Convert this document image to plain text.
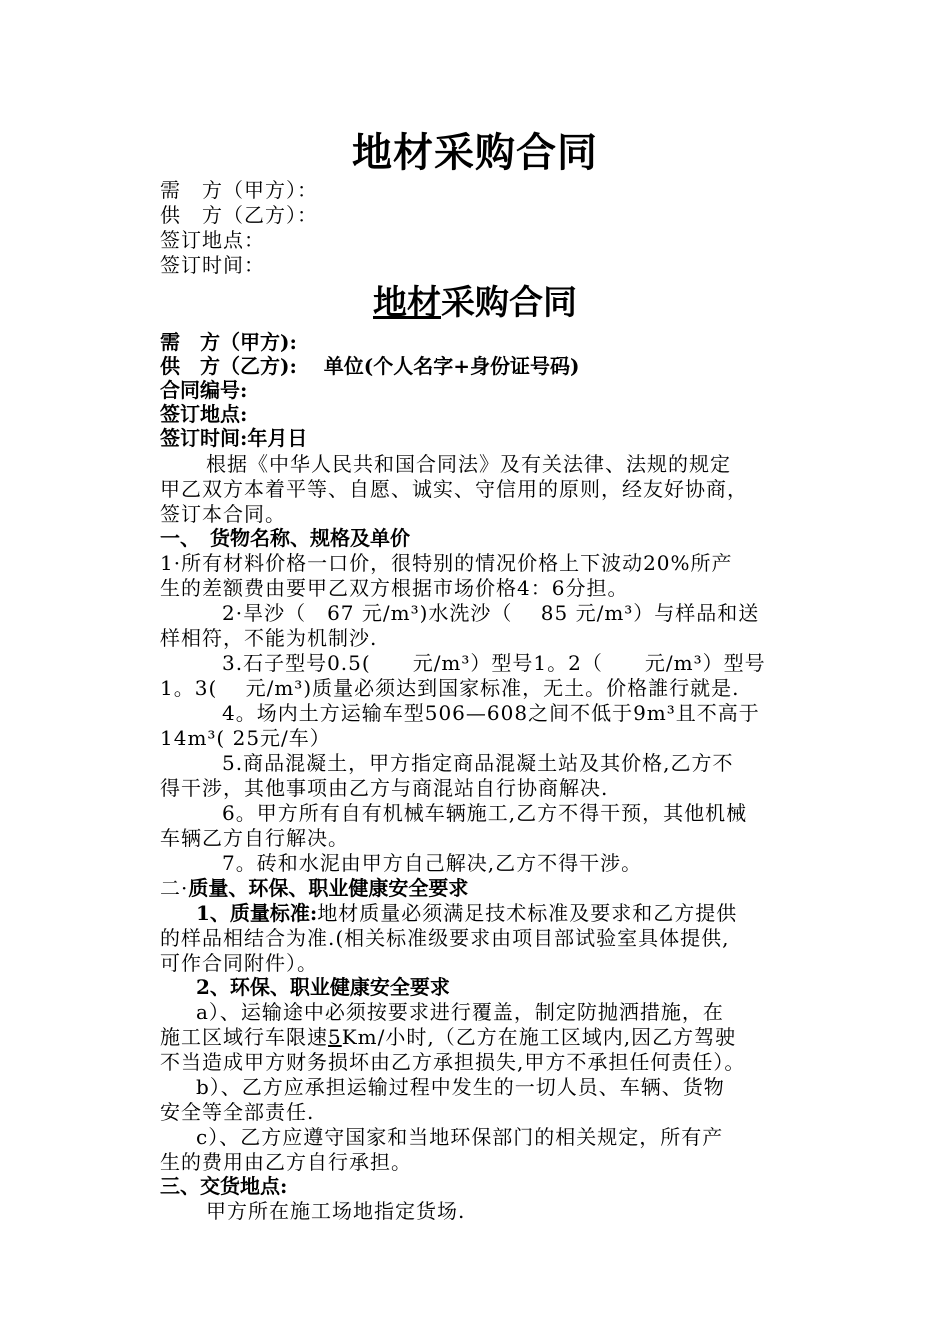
地材采购合同
需　方（甲方）：
供　方（乙方）：
签订地点：
签订时间：
地材采购合同
需　方（甲方):
供　方（乙方):　 单位(个人名字+身份证号码)
合同编号:
签订地点:
签订时间:年月日
根据《中华人民共和国合同法》及有关法律、法规的规定
甲乙双方本着平等、自愿、诚实、守信用的原则，经友好协商，
签订本合同。
一、　货物名称、规格及单价
1·所有材料价格一口价，很特别的情况价格上下波动20%所产
生的差额费由要甲乙双方根据市场价格4：6分担。
2·旱沙（　67 元/m³)水洗沙（　 85 元/m³）与样品和送
样相符，不能为机制沙.
3.石子型号0.5(　　元/m³）型号1。2（　　元/m³）型号
1。3(　 元/m³)质量必须达到国家标准，无土。价格誰行就是.
4。场内土方运输车型506—608之间不低于9m³且不高于
14m³( 25元/车）
5.商品混凝土，甲方指定商品混凝土站及其价格,乙方不
得干涉，其他事项由乙方与商混站自行协商解决.
6。甲方所有自有机械车辆施工,乙方不得干预，其他机械
车辆乙方自行解决。
7。砖和水泥由甲方自己解决,乙方不得干涉。
二·质量、环保、职业健康安全要求
1、质量标准:地材质量必须满足技术标准及要求和乙方提供
的样品相结合为准.(相关标准级要求由项目部试验室具体提供,
可作合同附件）。
2、环保、职业健康安全要求
a）、运输途中必须按要求进行覆盖，制定防抛洒措施，在
施工区域行车限速5Km/小时,（乙方在施工区域内,因乙方驾驶
不当造成甲方财务损坏由乙方承担损失,甲方不承担任何责任）。
b）、乙方应承担运输过程中发生的一切人员、车辆、货物
安全等全部责任.
c）、乙方应遵守国家和当地环保部门的相关规定，所有产
生的费用由乙方自行承担。
三、交货地点:
甲方所在施工场地指定货场.
